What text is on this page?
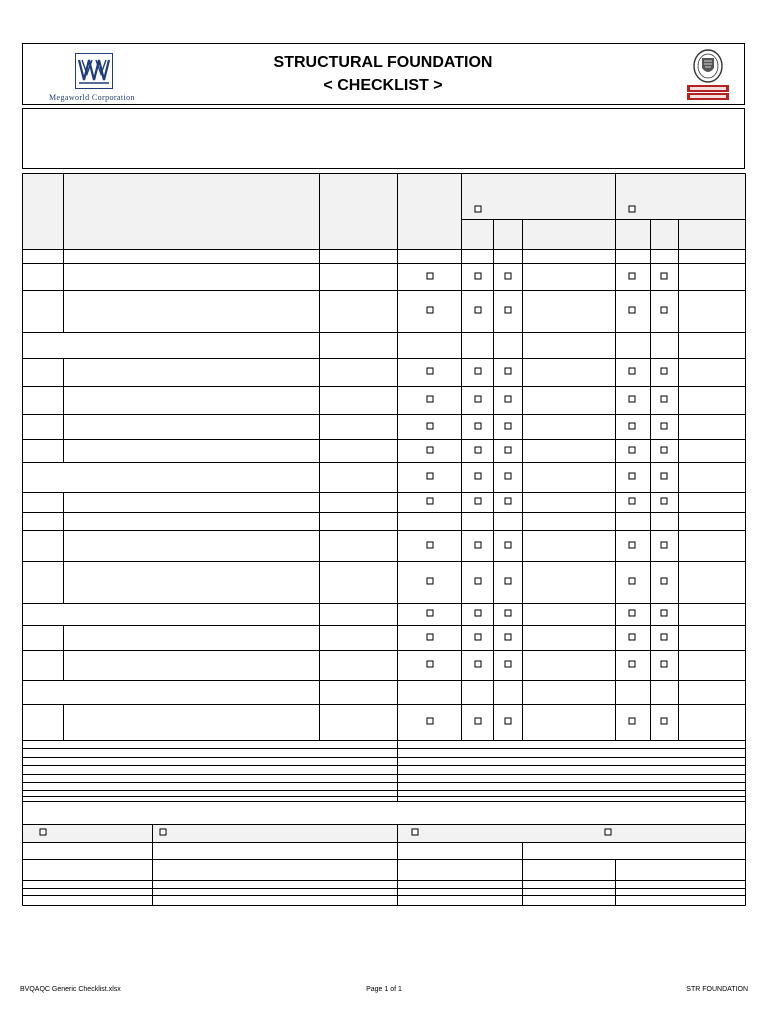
Megaworld Corporation
STRUCTURAL FOUNDATION
< CHECKLIST >
BVQAQC Generic Checklist.xlsx	Page 1 of 1	STR FOUNDATION
